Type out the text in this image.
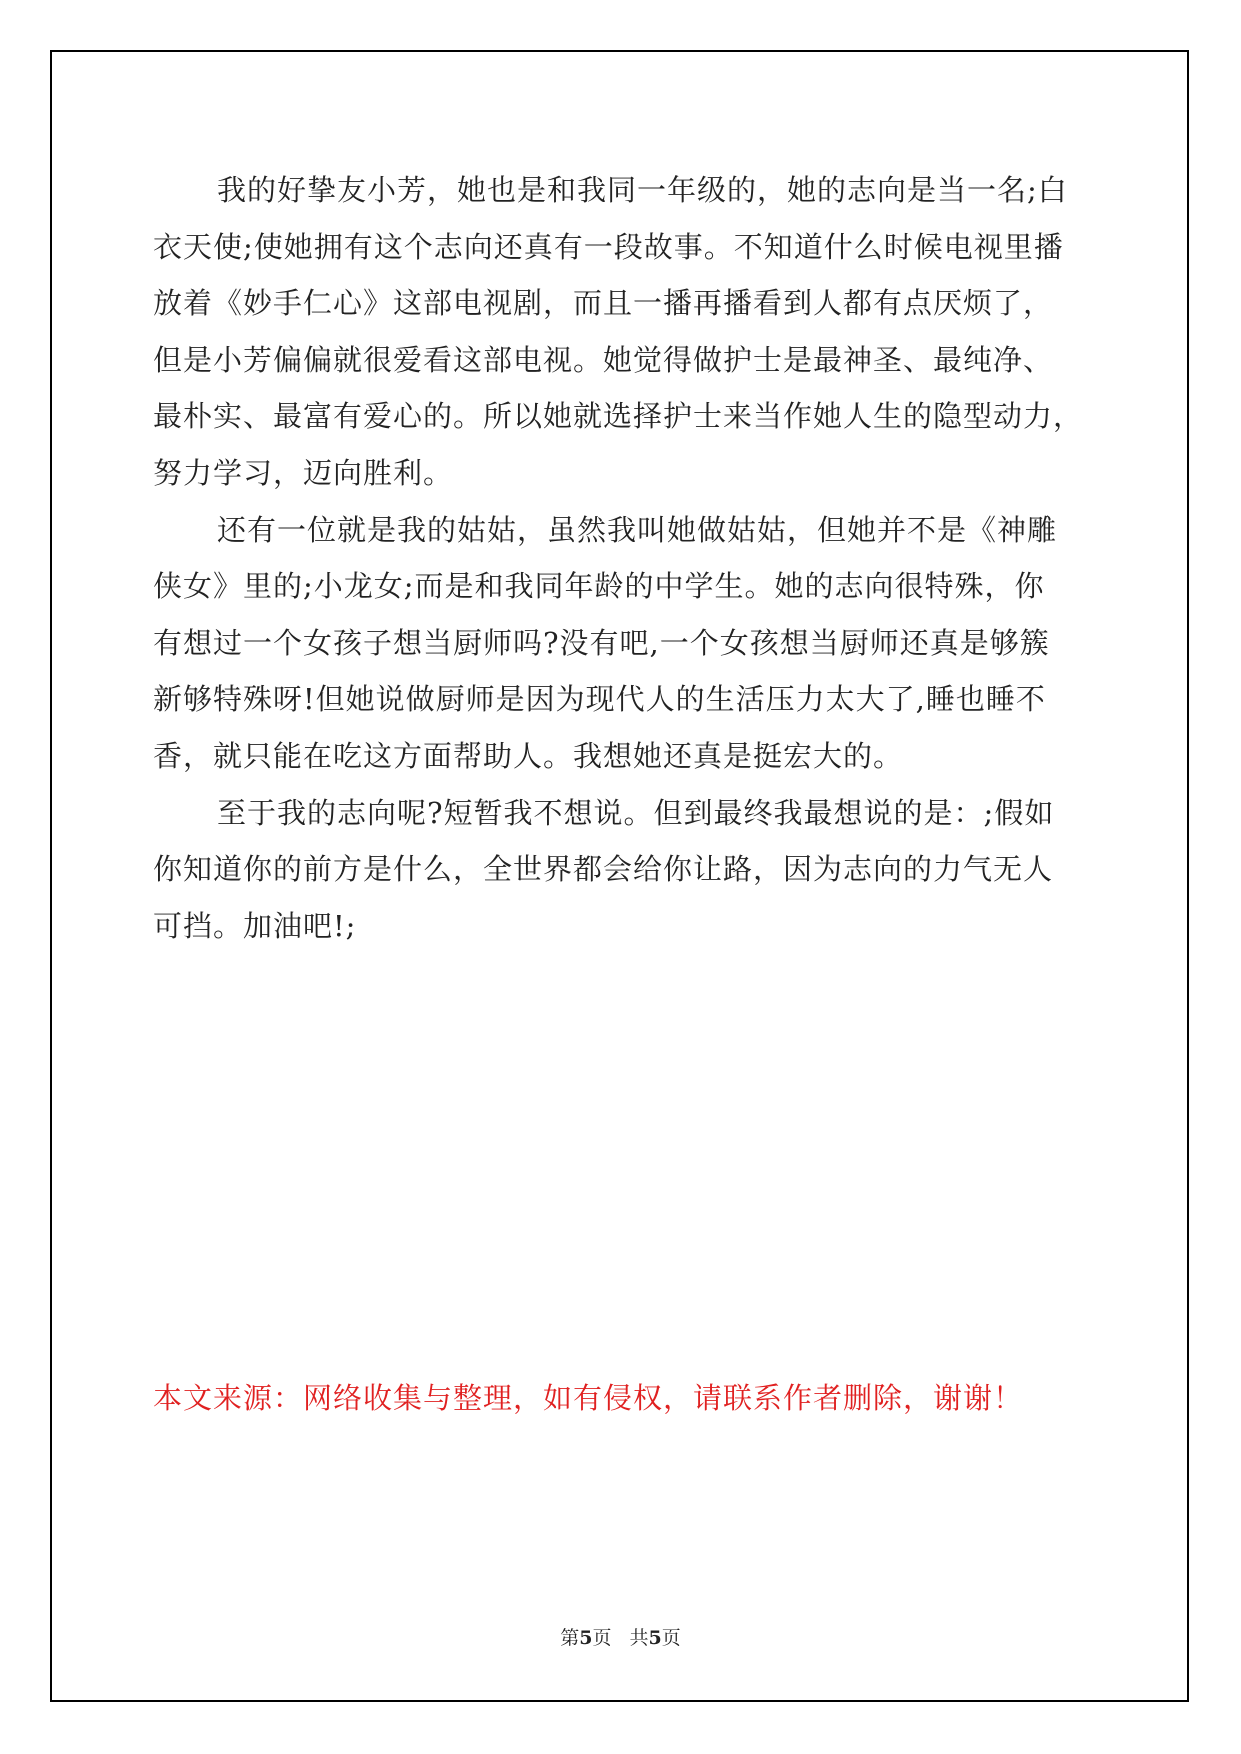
我的好挚友小芳，她也是和我同一年级的，她的志向是当一名;白
衣天使;使她拥有这个志向还真有一段故事。不知道什么时候电视里播
放着《妙手仁心》这部电视剧，而且一播再播看到人都有点厌烦了，
但是小芳偏偏就很爱看这部电视。她觉得做护士是最神圣、最纯净、
最朴实、最富有爱心的。所以她就选择护士来当作她人生的隐型动力，
努力学习，迈向胜利。
还有一位就是我的姑姑，虽然我叫她做姑姑，但她并不是《神雕
侠女》里的;小龙女;而是和我同年龄的中学生。她的志向很特殊，你
有想过一个女孩子想当厨师吗?没有吧,一个女孩想当厨师还真是够簇
新够特殊呀!但她说做厨师是因为现代人的生活压力太大了,睡也睡不
香，就只能在吃这方面帮助人。我想她还真是挺宏大的。
至于我的志向呢?短暂我不想说。但到最终我最想说的是：;假如
你知道你的前方是什么，全世界都会给你让路，因为志向的力气无人
可挡。加油吧!;
本文来源：网络收集与整理，如有侵权，请联系作者删除，谢谢！
第5页 共5页
